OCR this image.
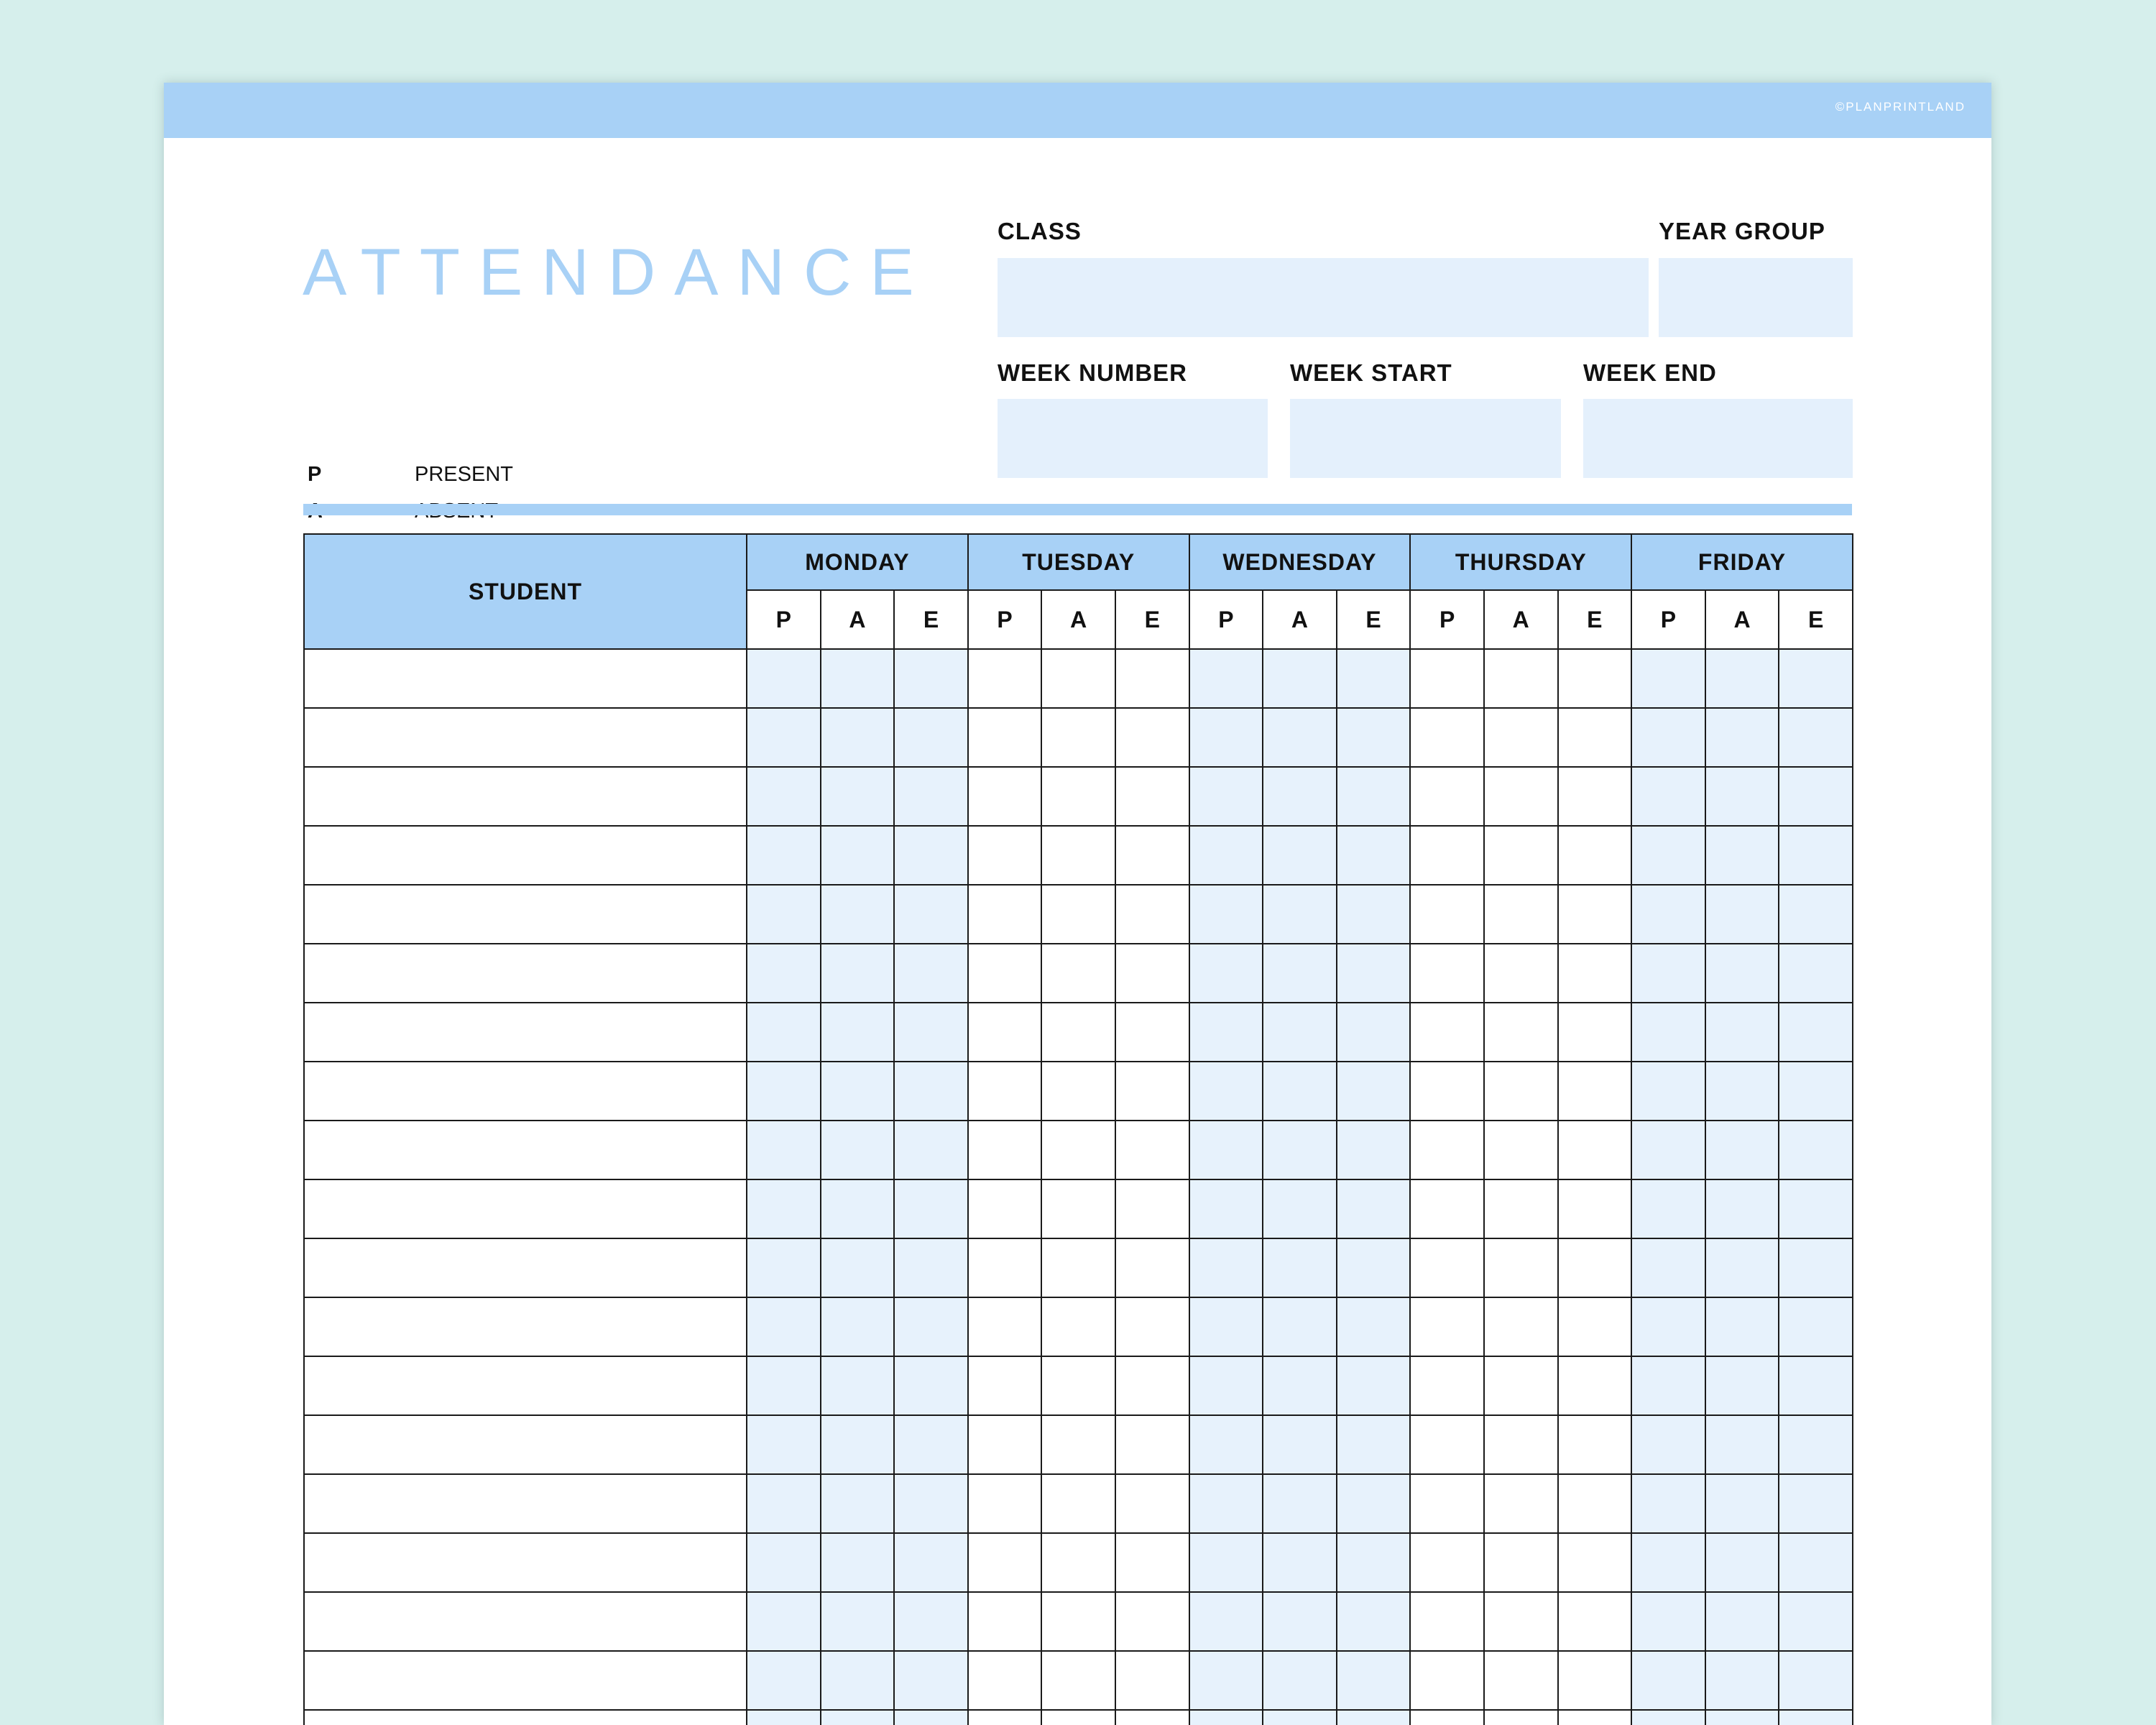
©PLANPRINTLAND
ATTENDANCE
P	PRESENT
CLASS	YEAR GROUP
WEEK NUMBER	WEEK START	WEEK END
STUDENT	MONDAY			TUESDAY			WEDNESDAY			THURSDAY			FRIDAY		
	P	A	E	P	A	E	P	A	E	P	A	E	P	A	E
